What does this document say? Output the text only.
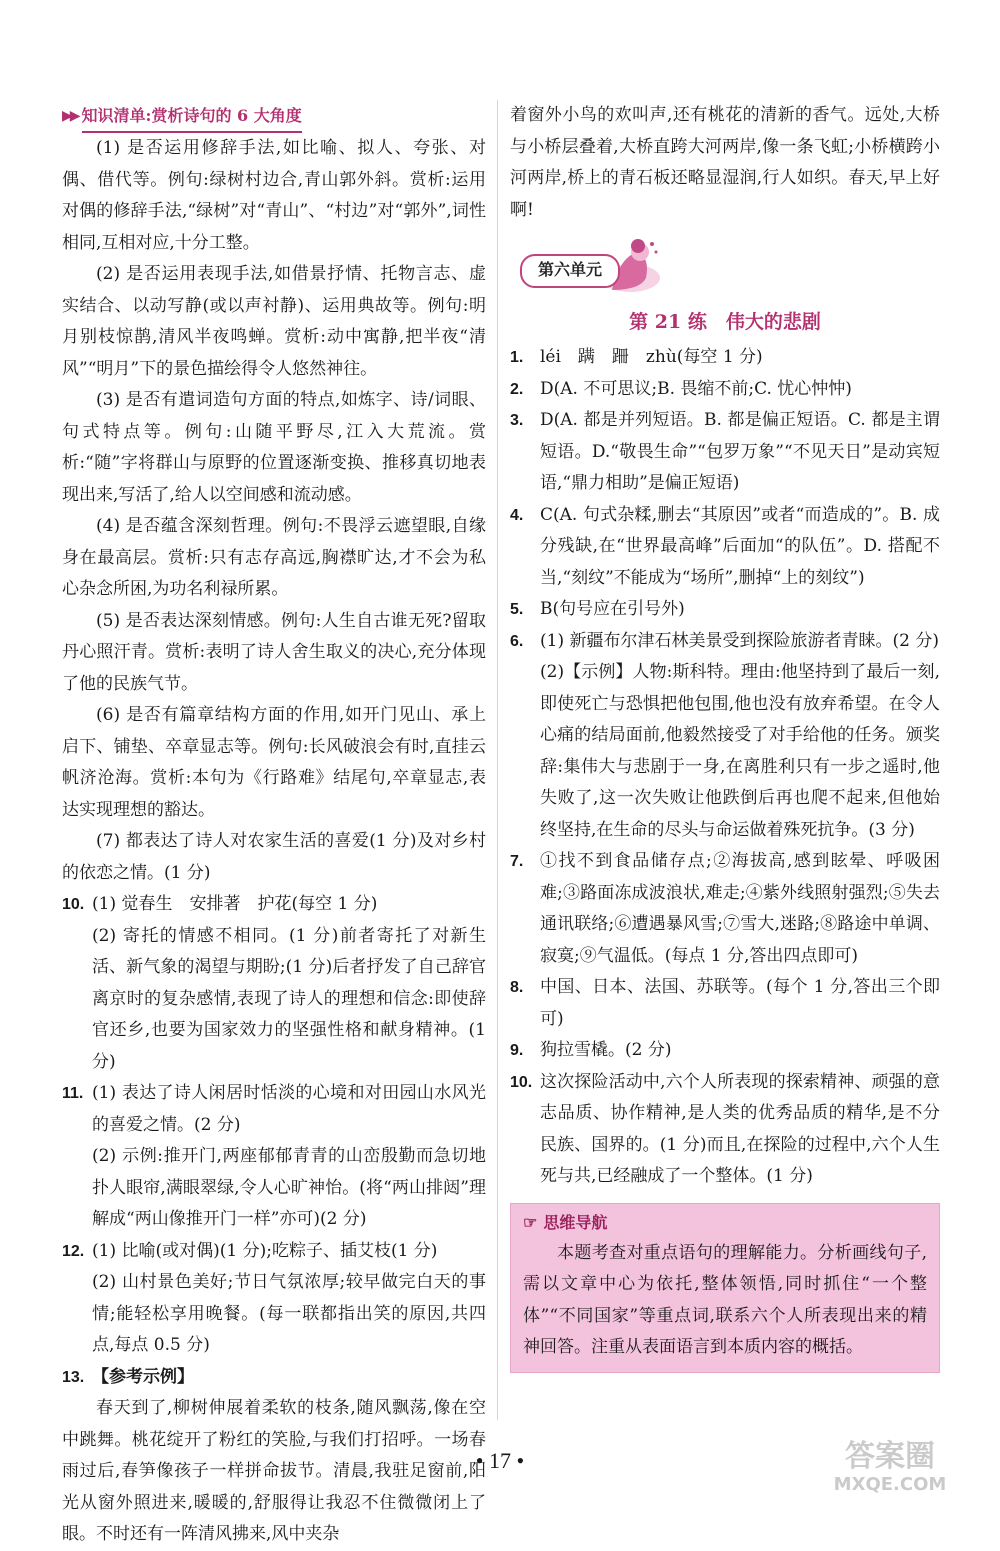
▶▶ 知识清单:赏析诗句的 6 大角度

(1) 是否运用修辞手法,如比喻、拟人、夸张、对偶、借代等。例句:绿树村边合,青山郭外斜。赏析:运用对偶的修辞手法,“绿树”对“青山”、“村边”对“郭外”,词性相同,互相对应,十分工整。

(2) 是否运用表现手法,如借景抒情、托物言志、虚实结合、以动写静(或以声衬静)、运用典故等。例句:明月别枝惊鹊,清风半夜鸣蝉。赏析:动中寓静,把半夜“清风”“明月”下的景色描绘得令人悠然神往。

(3) 是否有遣词造句方面的特点,如炼字、诗/词眼、句式特点等。例句:山随平野尽,江入大荒流。赏析:“随”字将群山与原野的位置逐渐变换、推移真切地表现出来,写活了,给人以空间感和流动感。

(4) 是否蕴含深刻哲理。例句:不畏浮云遮望眼,自缘身在最高层。赏析:只有志存高远,胸襟旷达,才不会为私心杂念所困,为功名利禄所累。

(5) 是否表达深刻情感。例句:人生自古谁无死?留取丹心照汗青。赏析:表明了诗人舍生取义的决心,充分体现了他的民族气节。

(6) 是否有篇章结构方面的作用,如开门见山、承上启下、铺垫、卒章显志等。例句:长风破浪会有时,直挂云帆济沧海。赏析:本句为《行路难》结尾句,卒章显志,表达实现理想的豁达。

(7) 都表达了诗人对农家生活的喜爱(1 分)及对乡村的依恋之情。(1 分)

10. (1) 觉春生　安排著　护花(每空 1 分)

(2) 寄托的情感不相同。(1 分)前者寄托了对新生活、新气象的渴望与期盼;(1 分)后者抒发了自己辞官离京时的复杂感情,表现了诗人的理想和信念:即使辞官还乡,也要为国家效力的坚强性格和献身精神。(1 分)

11. (1) 表达了诗人闲居时恬淡的心境和对田园山水风光的喜爱之情。(2 分)

(2) 示例:推开门,两座郁郁青青的山峦殷勤而急切地扑人眼帘,满眼翠绿,令人心旷神怡。(将“两山排闼”理解成“两山像推开门一样”亦可)(2 分)

12. (1) 比喻(或对偶)(1 分);吃粽子、插艾枝(1 分)

(2) 山村景色美好;节日气氛浓厚;较早做完白天的事情;能轻松享用晚餐。(每一联都指出笑的原因,共四点,每点 0.5 分)

13. 【参考示例】

春天到了,柳树伸展着柔软的枝条,随风飘荡,像在空中跳舞。桃花绽开了粉红的笑脸,与我们打招呼。一场春雨过后,春笋像孩子一样拼命拔节。清晨,我驻足窗前,阳光从窗外照进来,暖暖的,舒服得让我忍不住微微闭上了眼。不时还有一阵清风拂来,风中夹杂

着窗外小鸟的欢叫声,还有桃花的清新的香气。远处,大桥与小桥层叠着,大桥直跨大河两岸,像一条飞虹;小桥横跨小河两岸,桥上的青石板还略显湿润,行人如织。春天,早上好啊!

第六单元
第 21 练　伟大的悲剧
1. léi　蹒　跚　zhù(每空 1 分)

2. D(A. 不可思议;B. 畏缩不前;C. 忧心忡忡)

3. D(A. 都是并列短语。B. 都是偏正短语。C. 都是主谓短语。D.“敬畏生命”“包罗万象”“不见天日”是动宾短语,“鼎力相助”是偏正短语)

4. C(A. 句式杂糅,删去“其原因”或者“而造成的”。B. 成分残缺,在“世界最高峰”后面加“的队伍”。D. 搭配不当,“刻纹”不能成为“场所”,删掉“上的刻纹”)

5. B(句号应在引号外)

6. (1) 新疆布尔津石林美景受到探险旅游者青睐。(2 分)

(2)【示例】人物:斯科特。理由:他坚持到了最后一刻,即使死亡与恐惧把他包围,他也没有放弃希望。在令人心痛的结局面前,他毅然接受了对手给他的任务。颁奖辞:集伟大与悲剧于一身,在离胜利只有一步之遥时,他失败了,这一次失败让他跌倒后再也爬不起来,但他始终坚持,在生命的尽头与命运做着殊死抗争。(3 分)

7. ①找不到食品储存点;②海拔高,感到眩晕、呼吸困难;③路面冻成波浪状,难走;④紫外线照射强烈;⑤失去通讯联络;⑥遭遇暴风雪;⑦雪大,迷路;⑧路途中单调、寂寞;⑨气温低。(每点 1 分,答出四点即可)

8. 中国、日本、法国、苏联等。(每个 1 分,答出三个即可)

9. 狗拉雪橇。(2 分)

10. 这次探险活动中,六个人所表现的探索精神、顽强的意志品质、协作精神,是人类的优秀品质的精华,是不分民族、国界的。(1 分)而且,在探险的过程中,六个人生死与共,已经融成了一个整体。(1 分)

☞ 思维导航

本题考查对重点语句的理解能力。分析画线句子,需以文章中心为依托,整体领悟,同时抓住“一个整体”“不同国家”等重点词,联系六个人所表现出来的精神回答。注重从表面语言到本质内容的概括。

• 17 •	答案圈
MXQE.COM
